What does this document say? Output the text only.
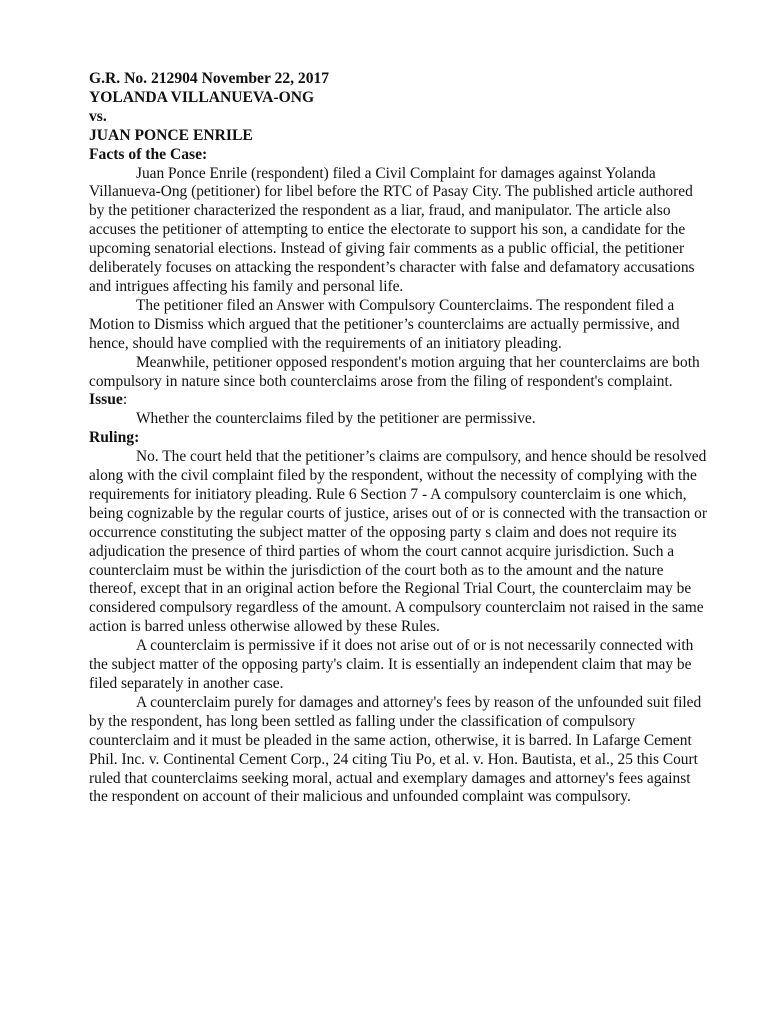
G.R. No. 212904 November 22, 2017

YOLANDA VILLANUEVA-ONG

vs.

JUAN PONCE ENRILE

Facts of the Case:

Juan Ponce Enrile (respondent) filed a Civil Complaint for damages against Yolanda Villanueva-Ong (petitioner) for libel before the RTC of Pasay City. The published article authored by the petitioner characterized the respondent as a liar, fraud, and manipulator. The article also accuses the petitioner of attempting to entice the electorate to support his son, a candidate for the upcoming senatorial elections. Instead of giving fair comments as a public official, the petitioner deliberately focuses on attacking the respondent’s character with false and defamatory accusations and intrigues affecting his family and personal life.

The petitioner filed an Answer with Compulsory Counterclaims. The respondent filed a Motion to Dismiss which argued that the petitioner’s counterclaims are actually permissive, and hence, should have complied with the requirements of an initiatory pleading.

Meanwhile, petitioner opposed respondent's motion arguing that her counterclaims are both compulsory in nature since both counterclaims arose from the filing of respondent's complaint.

Issue:

Whether the counterclaims filed by the petitioner are permissive.

Ruling:

No. The court held that the petitioner’s claims are compulsory, and hence should be resolved along with the civil complaint filed by the respondent, without the necessity of complying with the requirements for initiatory pleading. Rule 6 Section 7 - A compulsory counterclaim is one which, being cognizable by the regular courts of justice, arises out of or is connected with the transaction or occurrence constituting the subject matter of the opposing party s claim and does not require its adjudication the presence of third parties of whom the court cannot acquire jurisdiction. Such a counterclaim must be within the jurisdiction of the court both as to the amount and the nature thereof, except that in an original action before the Regional Trial Court, the counterclaim may be considered compulsory regardless of the amount. A compulsory counterclaim not raised in the same action is barred unless otherwise allowed by these Rules.

A counterclaim is permissive if it does not arise out of or is not necessarily connected with the subject matter of the opposing party's claim. It is essentially an independent claim that may be filed separately in another case.

A counterclaim purely for damages and attorney's fees by reason of the unfounded suit filed by the respondent, has long been settled as falling under the classification of compulsory counterclaim and it must be pleaded in the same action, otherwise, it is barred. In Lafarge Cement Phil. Inc. v. Continental Cement Corp., 24 citing Tiu Po, et al. v. Hon. Bautista, et al., 25 this Court ruled that counterclaims seeking moral, actual and exemplary damages and attorney's fees against the respondent on account of their malicious and unfounded complaint was compulsory.
